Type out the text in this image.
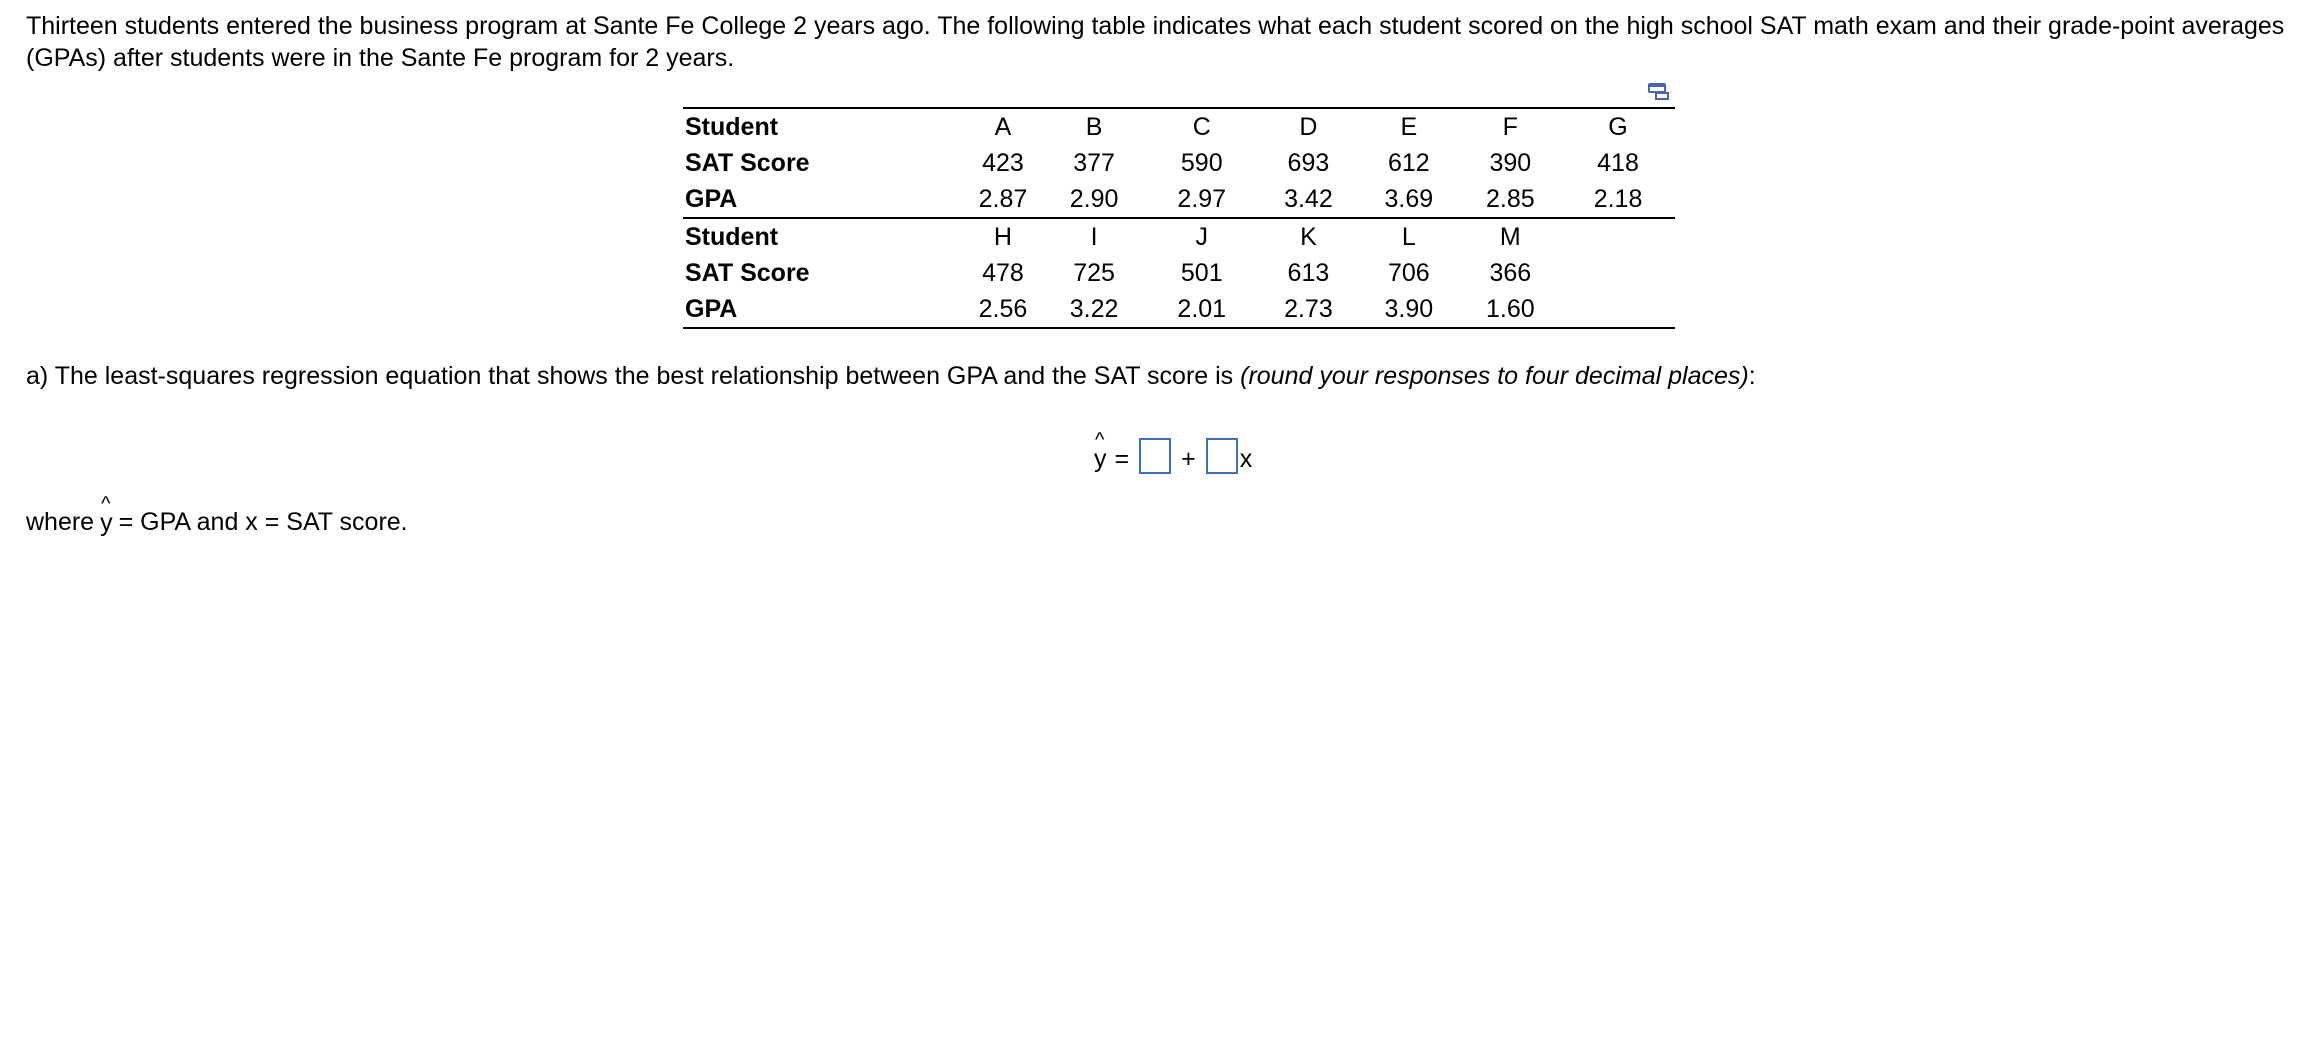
Thirteen students entered the business program at Sante Fe College 2 years ago. The following table indicates what each student scored on the high school SAT math exam and their grade-point averages (GPAs) after students were in the Sante Fe program for 2 years.

Student	A	B	C	D	E	F	G
SAT Score	423	377	590	693	612	390	418
GPA	2.87	2.90	2.97	3.42	3.69	2.85	2.18
Student	H	I	J	K	L	M	
SAT Score	478	725	501	613	706	366	
GPA	2.56	3.22	2.01	2.73	3.90	1.60	

a) The least-squares regression equation that shows the best relationship between GPA and the SAT score is (round your responses to four decimal places):

^
y = + x
where
^
y = GPA and x = SAT score.
